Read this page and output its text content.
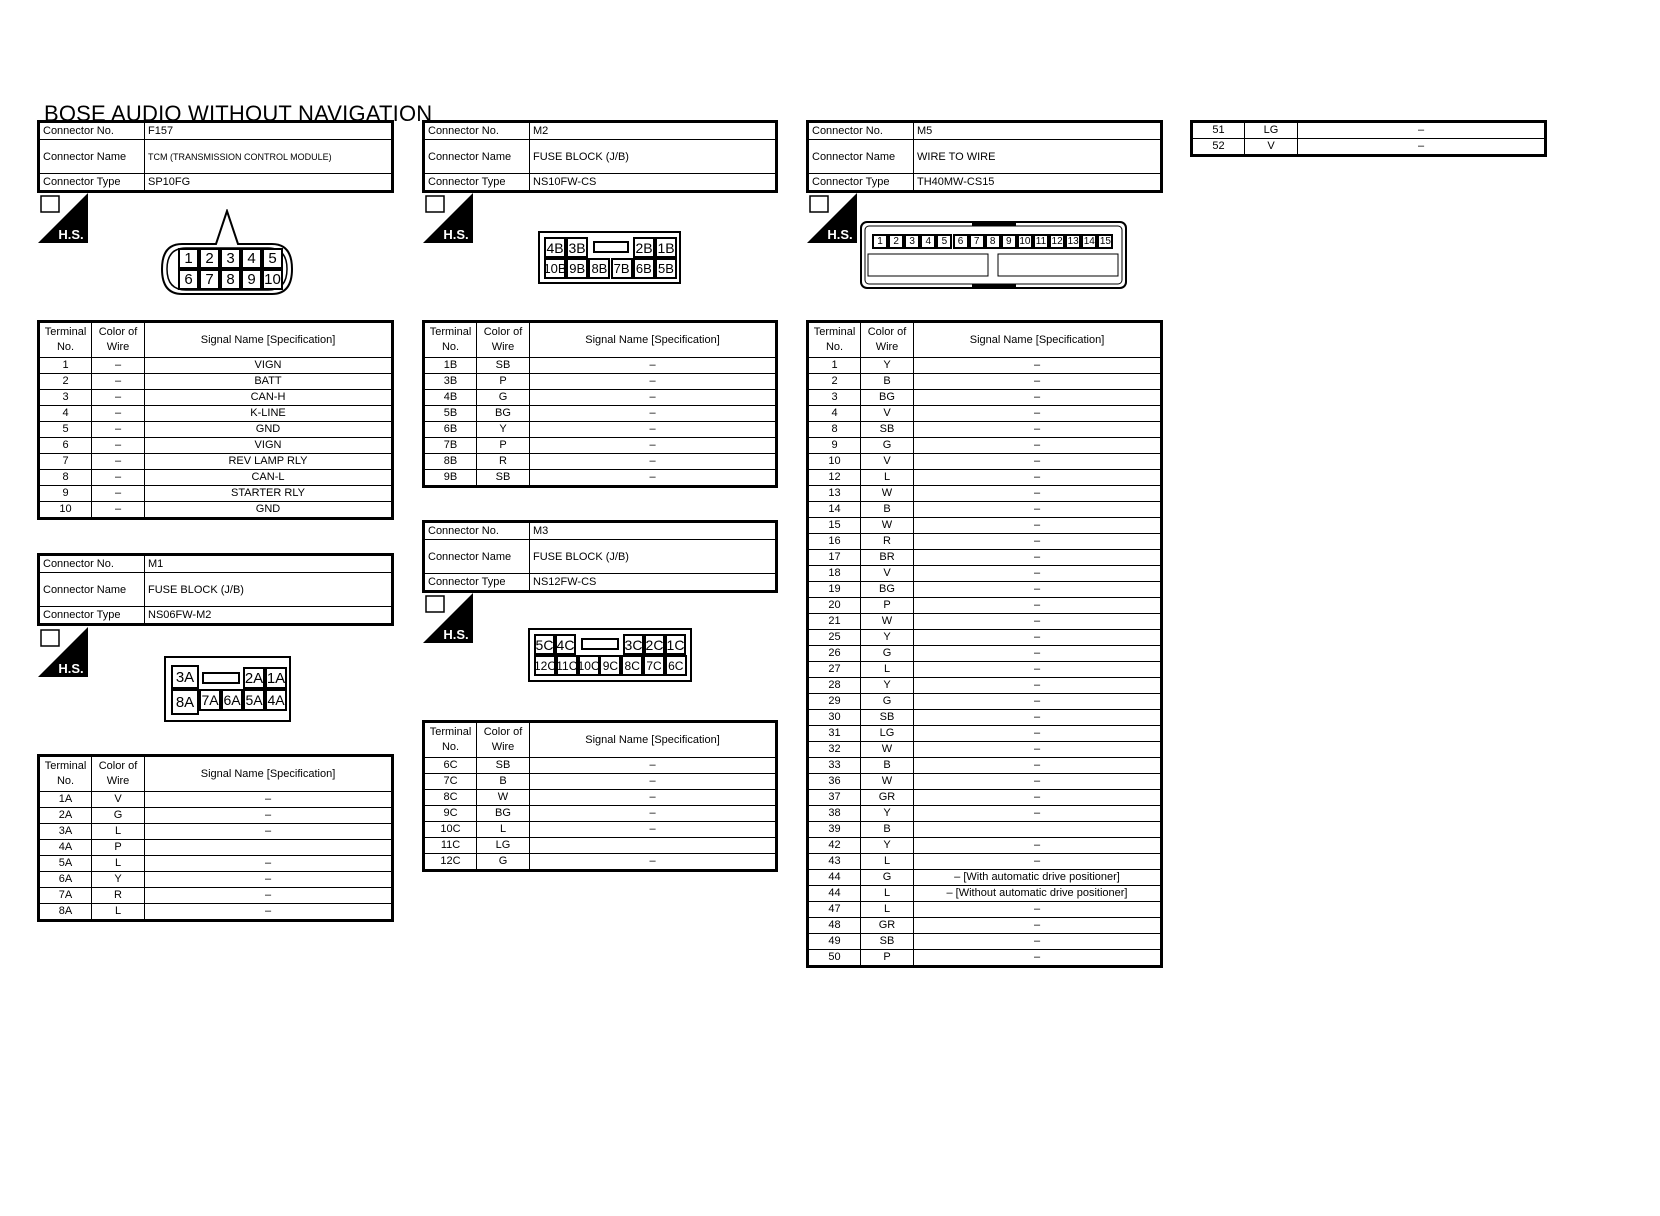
BOSE AUDIO WITHOUT NAVIGATION
Connector No.	F157
Connector Name	TCM (TRANSMISSION CONTROL MODULE)
Connector Type	SP10FG
H.S.
1 2 3 4 5
6 7 8 9 10
Terminal No.	Color of Wire	Signal Name [Specification]
1	–	VIGN
2	–	BATT
3	–	CAN-H
4	–	K-LINE
5	–	GND
6	–	VIGN
7	–	REV LAMP RLY
8	–	CAN-L
9	–	STARTER RLY
10	–	GND
Connector No.	M1
Connector Name	FUSE BLOCK (J/B)
Connector Type	NS06FW-M2
H.S.	3A	2A 1A
8A 7A 6A 5A 4A
Terminal No.	Color of Wire	Signal Name [Specification]
1A	V	–
2A	G	–
3A	L	–
4A	P	
5A	L	–
6A	Y	–
7A	R	–
8A	L	–
Connector No.	M2
Connector Name	FUSE BLOCK (J/B)
Connector Type	NS10FW-CS
H.S.
4B 3B	2B 1B
10B 9B 8B 7B 6B 5B
Terminal No.	Color of Wire	Signal Name [Specification]
1B	SB	–
3B	P	–
4B	G	–
5B	BG	–
6B	Y	–
7B	P	–
8B	R	–
9B	SB	–
Connector No.	M3
Connector Name	FUSE BLOCK (J/B)
Connector Type	NS12FW-CS
H.S.
5C 4C	3C 2C 1C
12C 11C 10C 9C 8C 7C 6C
Terminal No.	Color of Wire	Signal Name [Specification]
6C	SB	–
7C	B	–
8C	W	–
9C	BG	–
10C	L	–
11C	LG	
12C	G	–
Connector No.	M5
Connector Name	WIRE TO WIRE
Connector Type	TH40MW-CS15
H.S.	1	2	3	4	5	6	7	8	9 10 11 12 13 14 15
Terminal No.	Color of Wire	Signal Name [Specification]
1	Y	–
2	B	–
3	BG	–
4	V	–
8	SB	–
9	G	–
10	V	–
12	L	–
13	W	–
14	B	–
15	W	–
16	R	–
17	BR	–
18	V	–
19	BG	–
20	P	–
21	W	–
25	Y	–
26	G	–
27	L	–
28	Y	–
29	G	–
30	SB	–
31	LG	–
32	W	–
33	B	–
36	W	–
37	GR	–
38	Y	–
39	B	
42	Y	–
43	L	–
44	G	– [With automatic drive positioner]
44	L	– [Without automatic drive positioner]
47	L	–
48	GR	–
49	SB	–
50	P	–
51	LG	–
52	V	–
